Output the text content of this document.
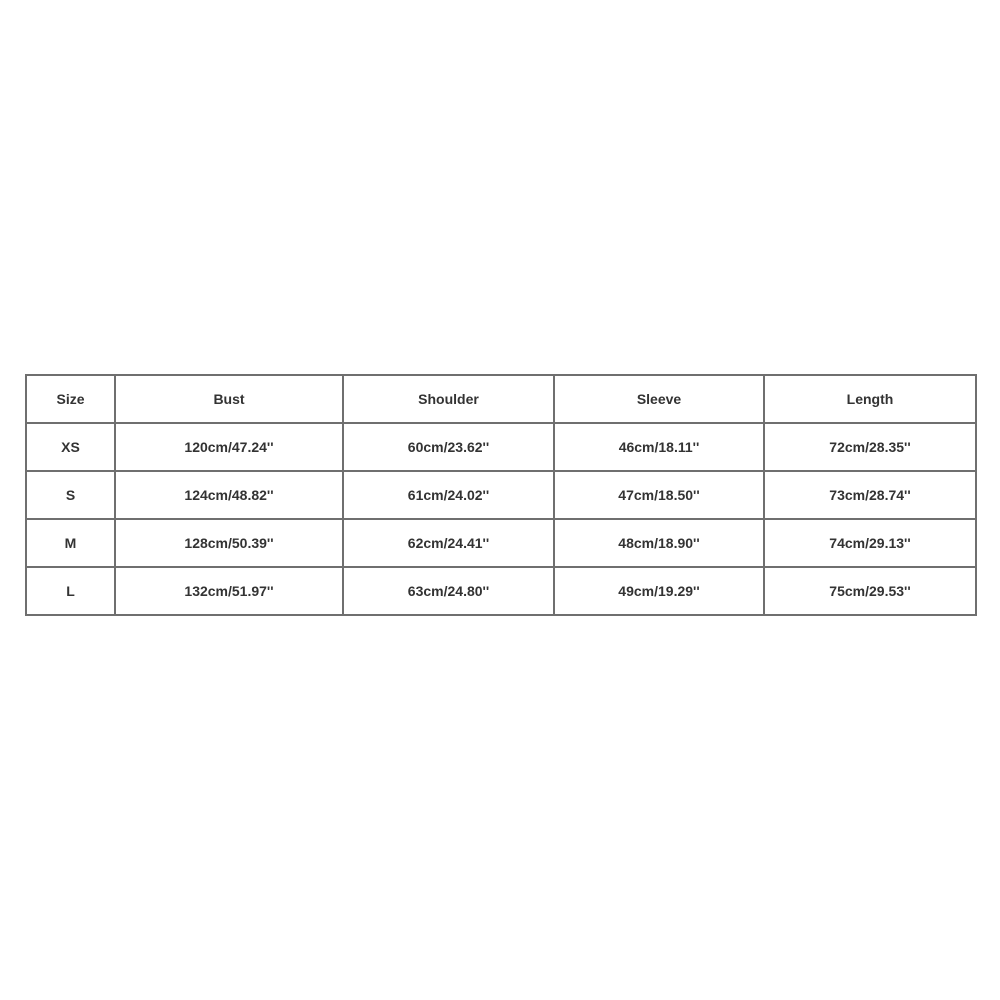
Size	Bust	Shoulder	Sleeve	Length
XS	120cm/47.24''	60cm/23.62''	46cm/18.11''	72cm/28.35''
S	124cm/48.82''	61cm/24.02''	47cm/18.50''	73cm/28.74''
M	128cm/50.39''	62cm/24.41''	48cm/18.90''	74cm/29.13''
L	132cm/51.97''	63cm/24.80''	49cm/19.29''	75cm/29.53''
